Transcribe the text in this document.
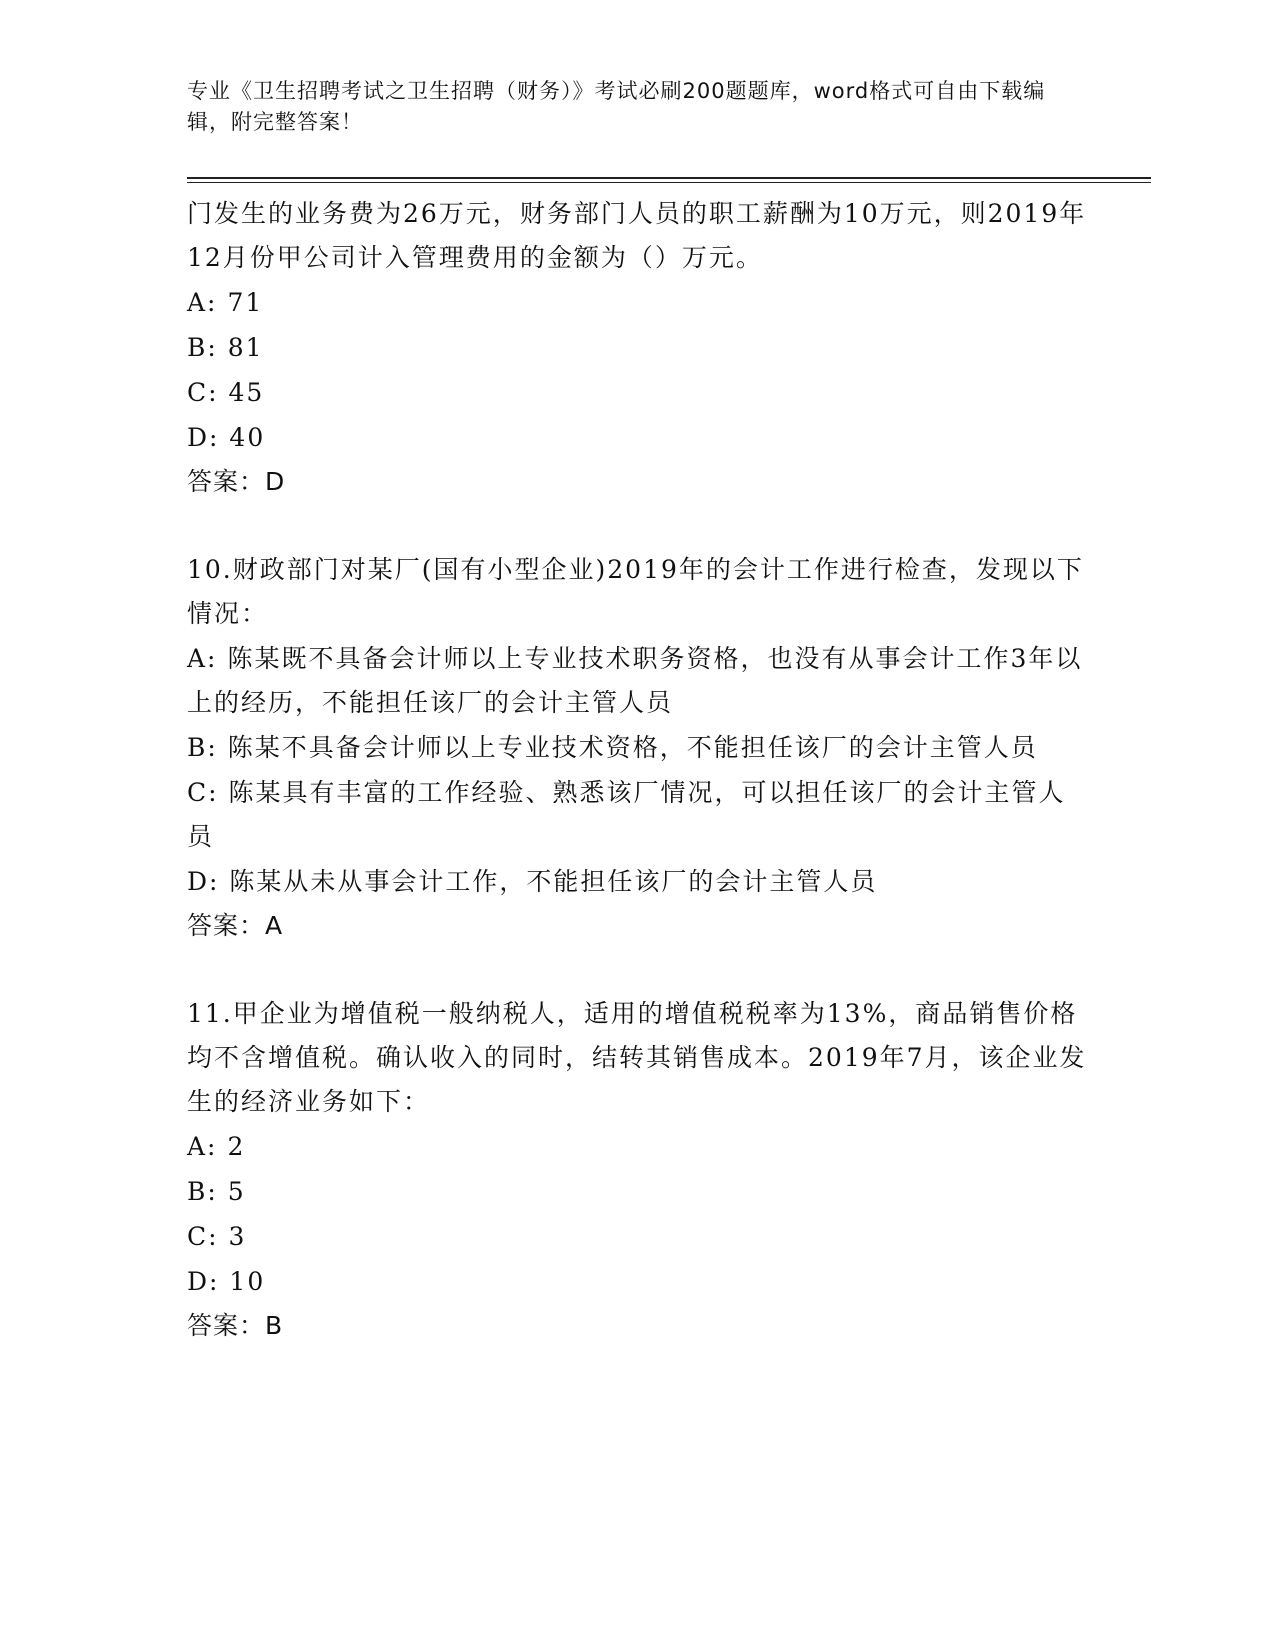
专业《卫生招聘考试之卫生招聘（财务）》考试必刷200题题库，word格式可自由下载编辑，附完整答案！
门发生的业务费为26万元，财务部门人员的职工薪酬为10万元，则2019年12月份甲公司计入管理费用的金额为（）万元。
A: 71
B: 81
C: 45
D: 40
答案：D
10.财政部门对某厂(国有小型企业)2019年的会计工作进行检查，发现以下情况：
A: 陈某既不具备会计师以上专业技术职务资格，也没有从事会计工作3年以上的经历，不能担任该厂的会计主管人员
B: 陈某不具备会计师以上专业技术资格，不能担任该厂的会计主管人员
C: 陈某具有丰富的工作经验、熟悉该厂情况，可以担任该厂的会计主管人员
D: 陈某从未从事会计工作，不能担任该厂的会计主管人员
答案：A
11.甲企业为增值税一般纳税人，适用的增值税税率为13%，商品销售价格均不含增值税。确认收入的同时，结转其销售成本。2019年7月，该企业发生的经济业务如下：
A: 2
B: 5
C: 3
D: 10
答案：B
